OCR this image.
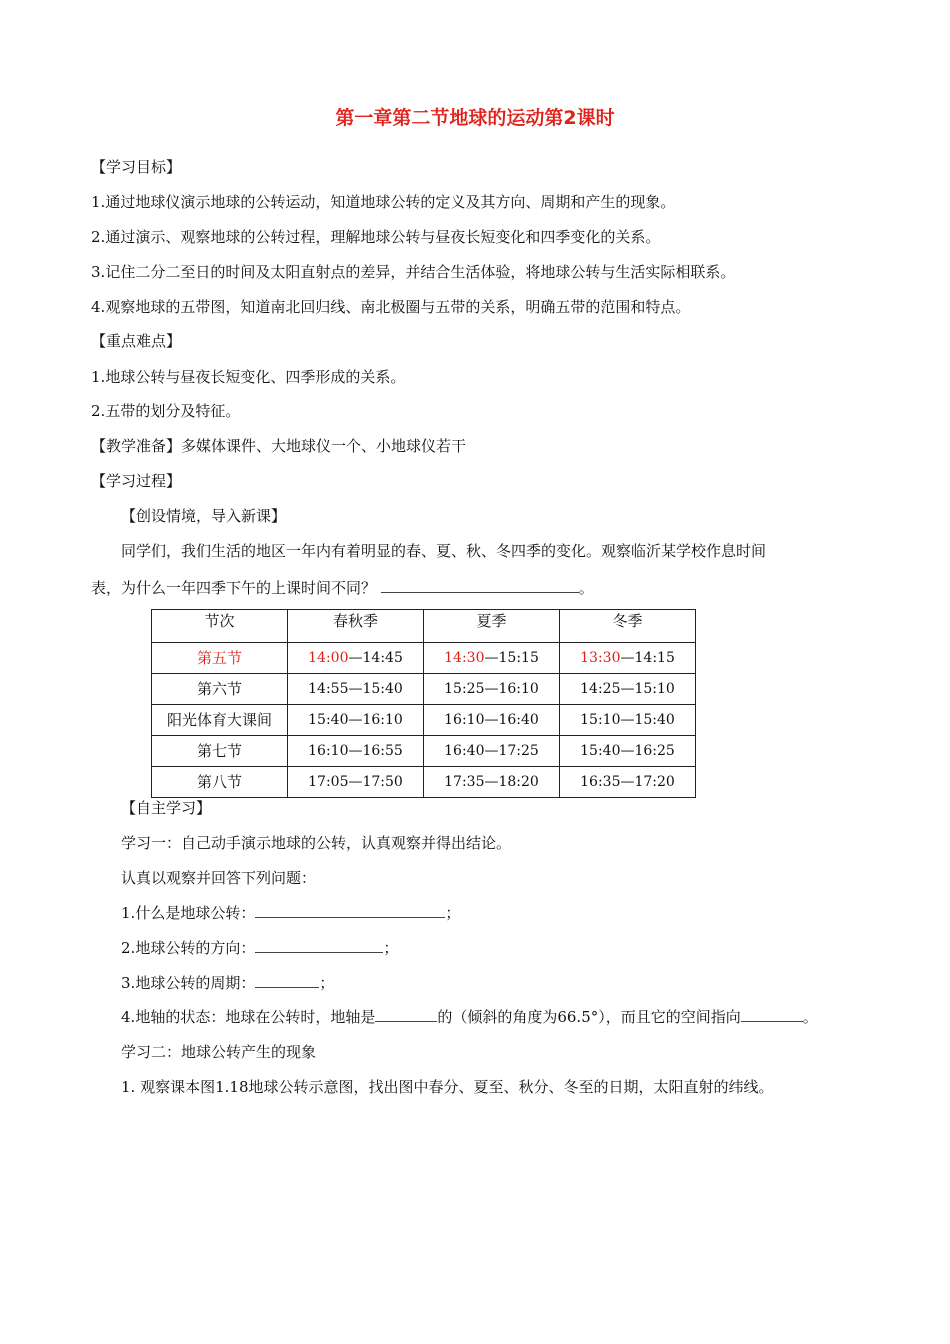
第一章第二节地球的运动第2课时
【学习目标】
1.通过地球仪演示地球的公转运动，知道地球公转的定义及其方向、周期和产生的现象。
2.通过演示、观察地球的公转过程，理解地球公转与昼夜长短变化和四季变化的关系。
3.记住二分二至日的时间及太阳直射点的差异，并结合生活体验，将地球公转与生活实际相联系。
4.观察地球的五带图，知道南北回归线、南北极圈与五带的关系，明确五带的范围和特点。
【重点难点】
1.地球公转与昼夜长短变化、四季形成的关系。
2.五带的划分及特征。
【教学准备】多媒体课件、大地球仪一个、小地球仪若干
【学习过程】
【创设情境，导入新课】
同学们，我们生活的地区一年内有着明显的春、夏、秋、冬四季的变化。观察临沂某学校作息时间
表，为什么一年四季下午的上课时间不同？	。
节次	春秋季	夏季	冬季
第五节	14:00—14:45	14:30—15:15	13:30—14:15
第六节	14:55—15:40	15:25—16:10	14:25—15:10
阳光体育大课间	15:40—16:10	16:10—16:40	15:10—15:40
第七节	16:10—16:55	16:40—17:25	15:40—16:25
第八节	17:05—17:50	17:35—18:20	16:35—17:20
【自主学习】
学习一：自己动手演示地球的公转，认真观察并得出结论。
认真以观察并回答下列问题：
1.什么是地球公转：	；
2.地球公转的方向：	；
3.地球公转的周期：	；
4.地轴的状态：地球在公转时，地轴是	的（倾斜的角度为66.5°），而且它的空间指向	。
学习二：地球公转产生的现象
1. 观察课本图1.18地球公转示意图，找出图中春分、夏至、秋分、冬至的日期，太阳直射的纬线。
